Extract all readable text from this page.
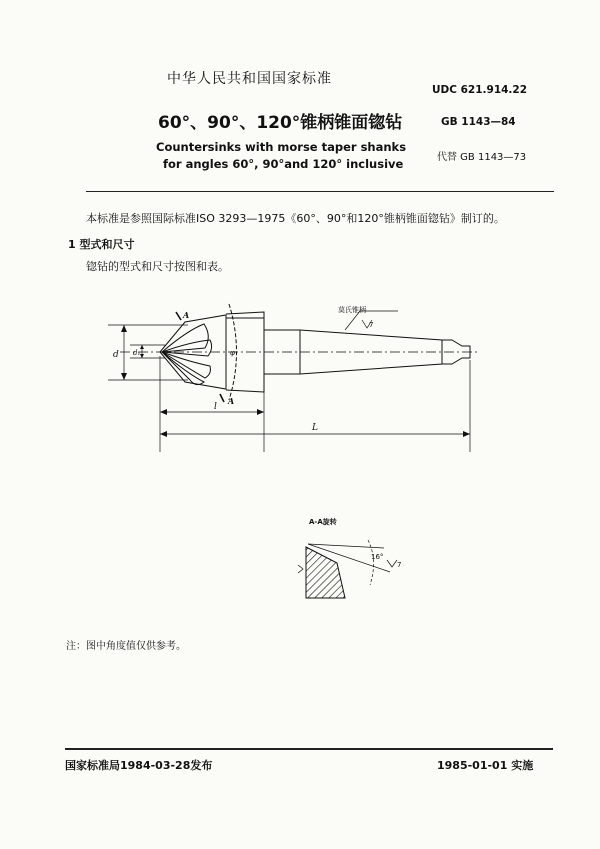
中华人民共和国国家标准
UDC 621.914.22
60°、90°、120°锥柄锥面锪钻	GB 1143—84
Countersinks with morse taper shanks
for angles 60°, 90°and 120° inclusive	代替 GB 1143—73
本标准是参照国际标准ISO 3293—1975《60°、90°和120°锥柄锥面锪钻》制订的。
1 型式和尺寸
锪钻的型式和尺寸按图和表。
d d₁
l
L
φ
A
A
7
16°
7
莫氏锥柄
A-A旋转
注：图中角度值仅供参考。
国家标准局1984-03-28发布	1985-01-01 实施
